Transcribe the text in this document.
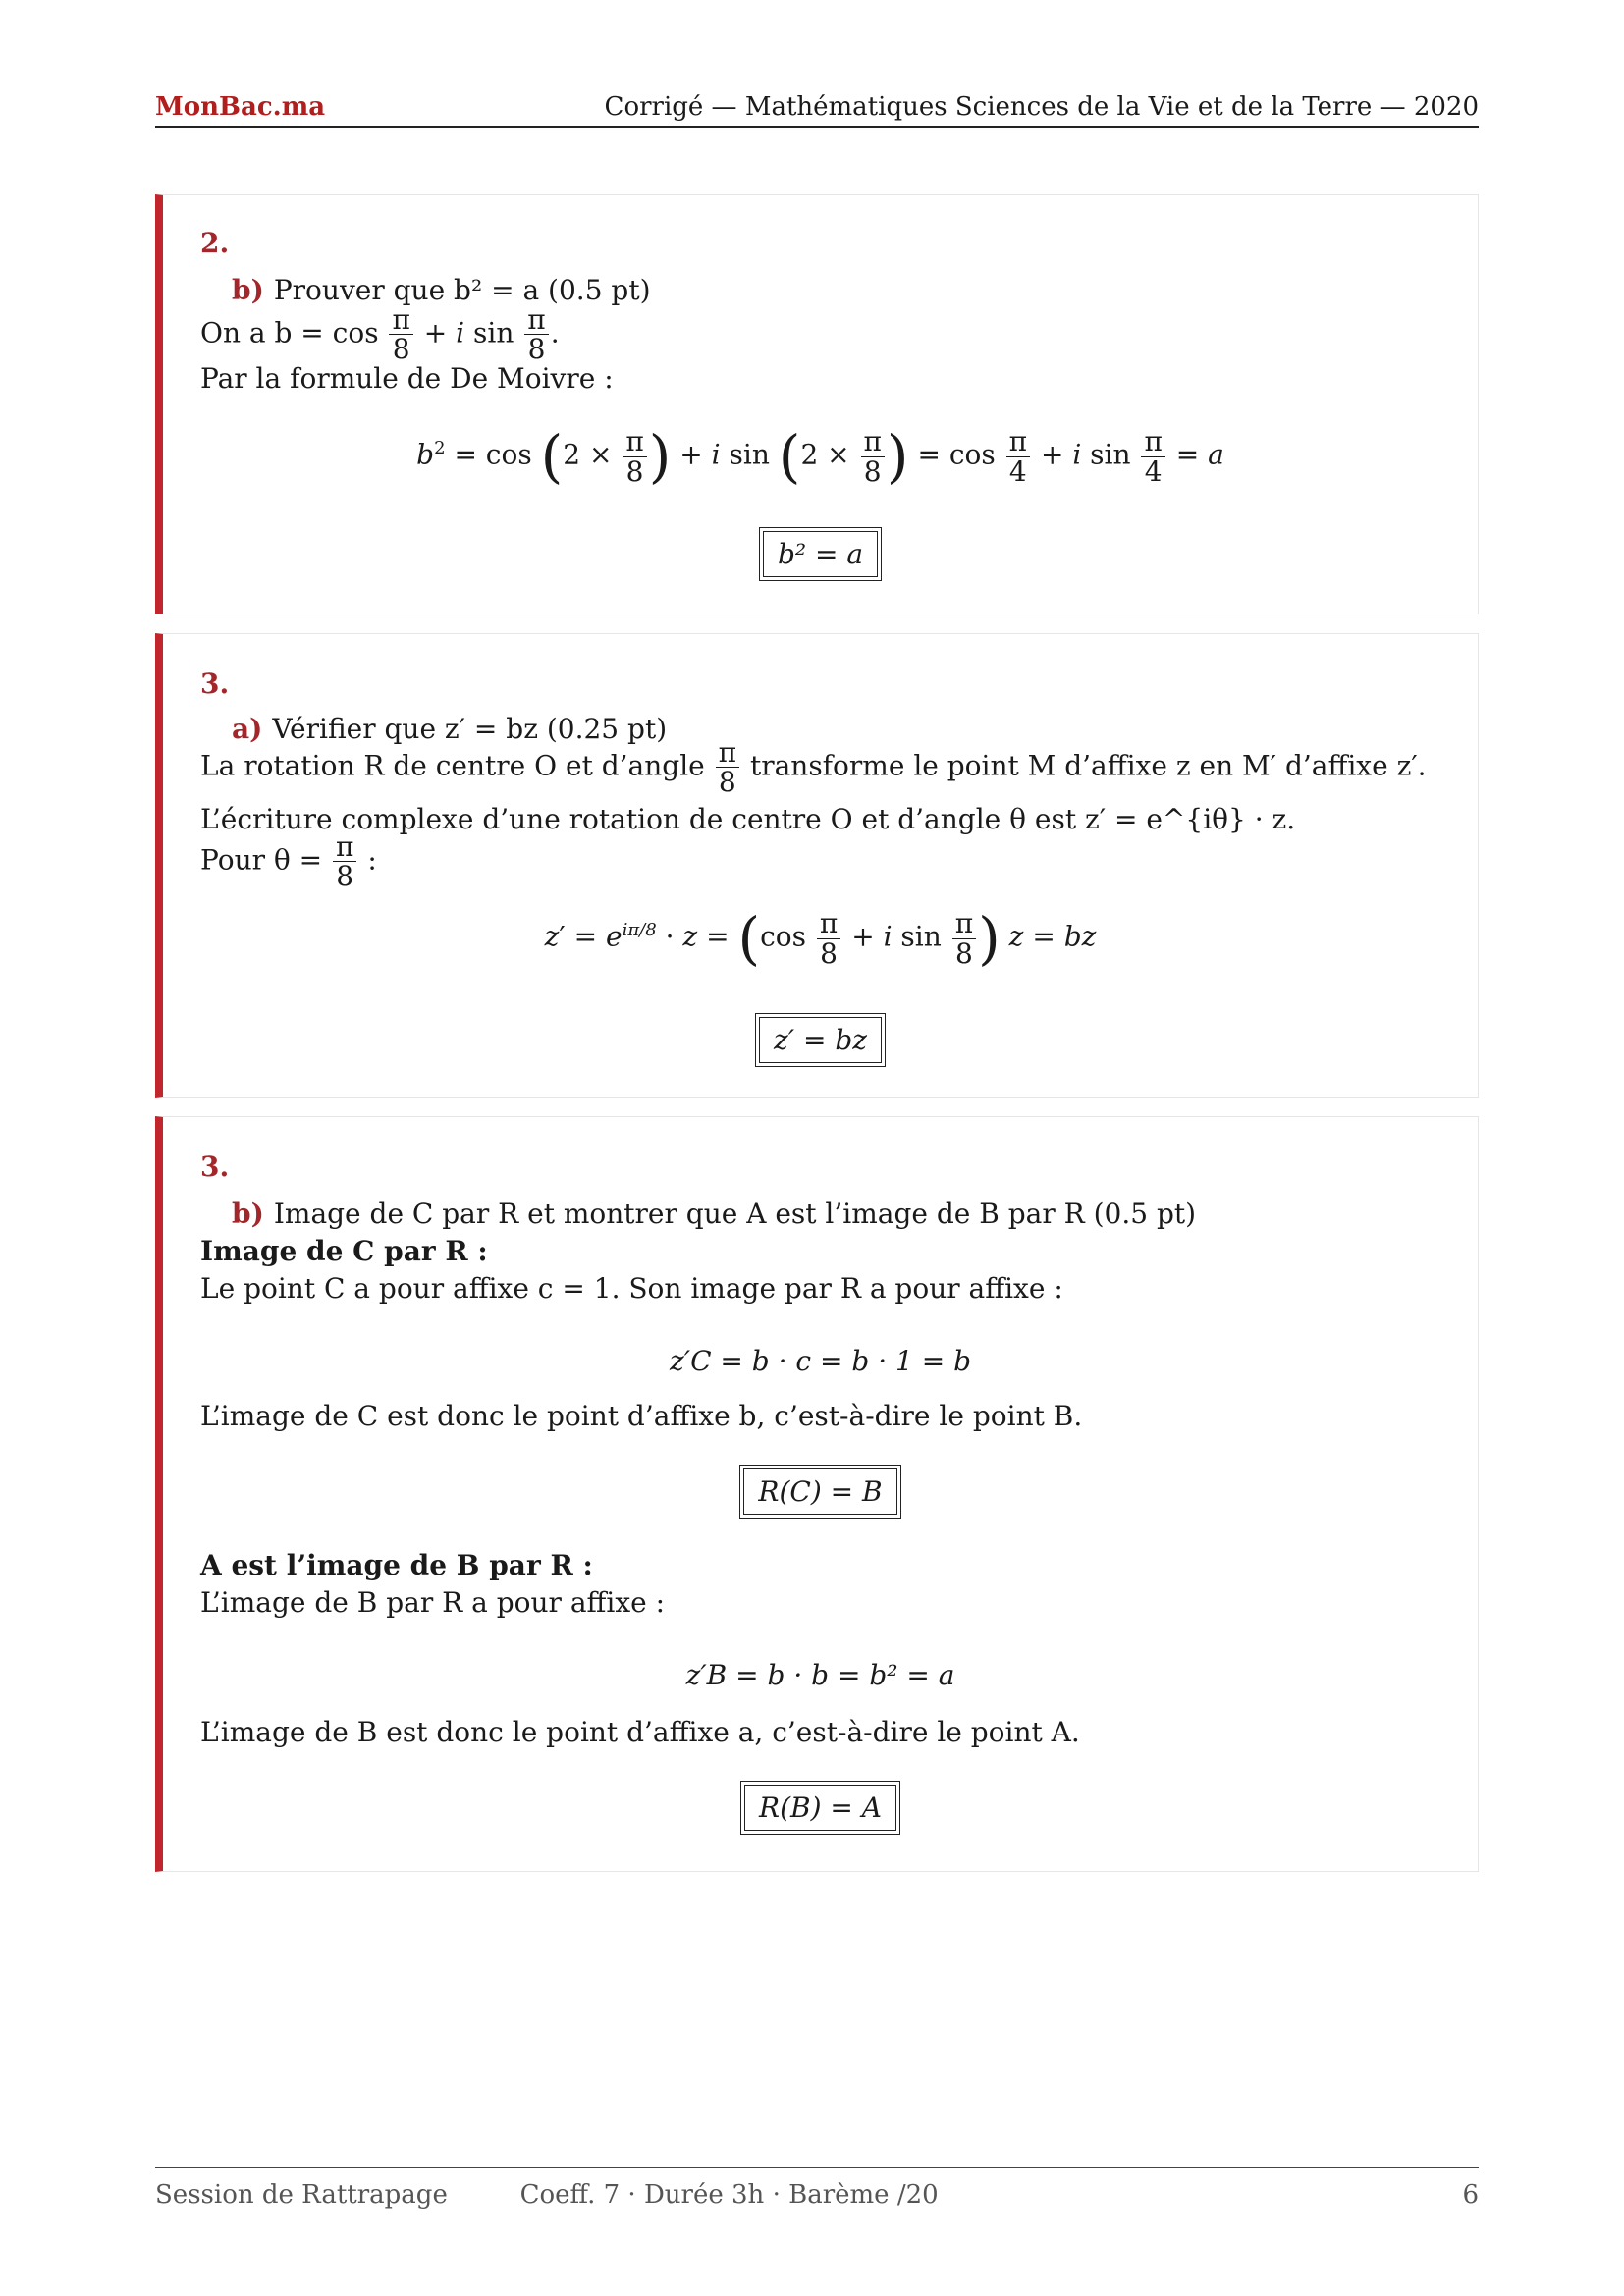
MonBac.ma	Corrigé — Mathématiques Sciences de la Vie et de la Terre — 2020
2.
b) Prouver que b² = a (0.5 pt)
On a $b = \cos \frac{\pi}{8} + i$ $\sin \frac{\pi}{8}$ .
Par la formule de De Moivre :
$b^2 = \cos (2 \times \frac{\pi}{8}$ ) + i $\sin (2 \times \frac{\pi}{8}$ ) = $\cos \frac{\pi}{4} + i$ $\sin \frac{\pi}{4} = a$
b² = a
3.
a) Vérifier que z′ = bz (0.25 pt)
La rotation R de centre O et d’angle $\frac{\pi}{8}$ transforme le point M d’affixe z en M′ d’affixe z′.
L’écriture complexe d’une rotation de centre O et d’angle θ est z′ = e^{iθ} · z.
Pour $\theta = \frac{\pi}{8}$ :
$z' = e^{i\pi/8} \cdot z = (\cos \frac{\pi}{8} + i$ $\sin \frac{\pi}{8}$ ) z = bz
z′ = bz
3.
b) Image de C par R et montrer que A est l’image de B par R (0.5 pt)
Image de C par R :
Le point C a pour affixe c = 1. Son image par R a pour affixe :
z′C = b · c = b · 1 = b
L’image de C est donc le point d’affixe b, c’est-à-dire le point B.
R(C) = B
A est l’image de B par R :
L’image de B par R a pour affixe :
z′B = b · b = b² = a
L’image de B est donc le point d’affixe a, c’est-à-dire le point A.
R(B) = A
Session de Rattrapage	Coeff. 7 · Durée 3h · Barème /20	6
